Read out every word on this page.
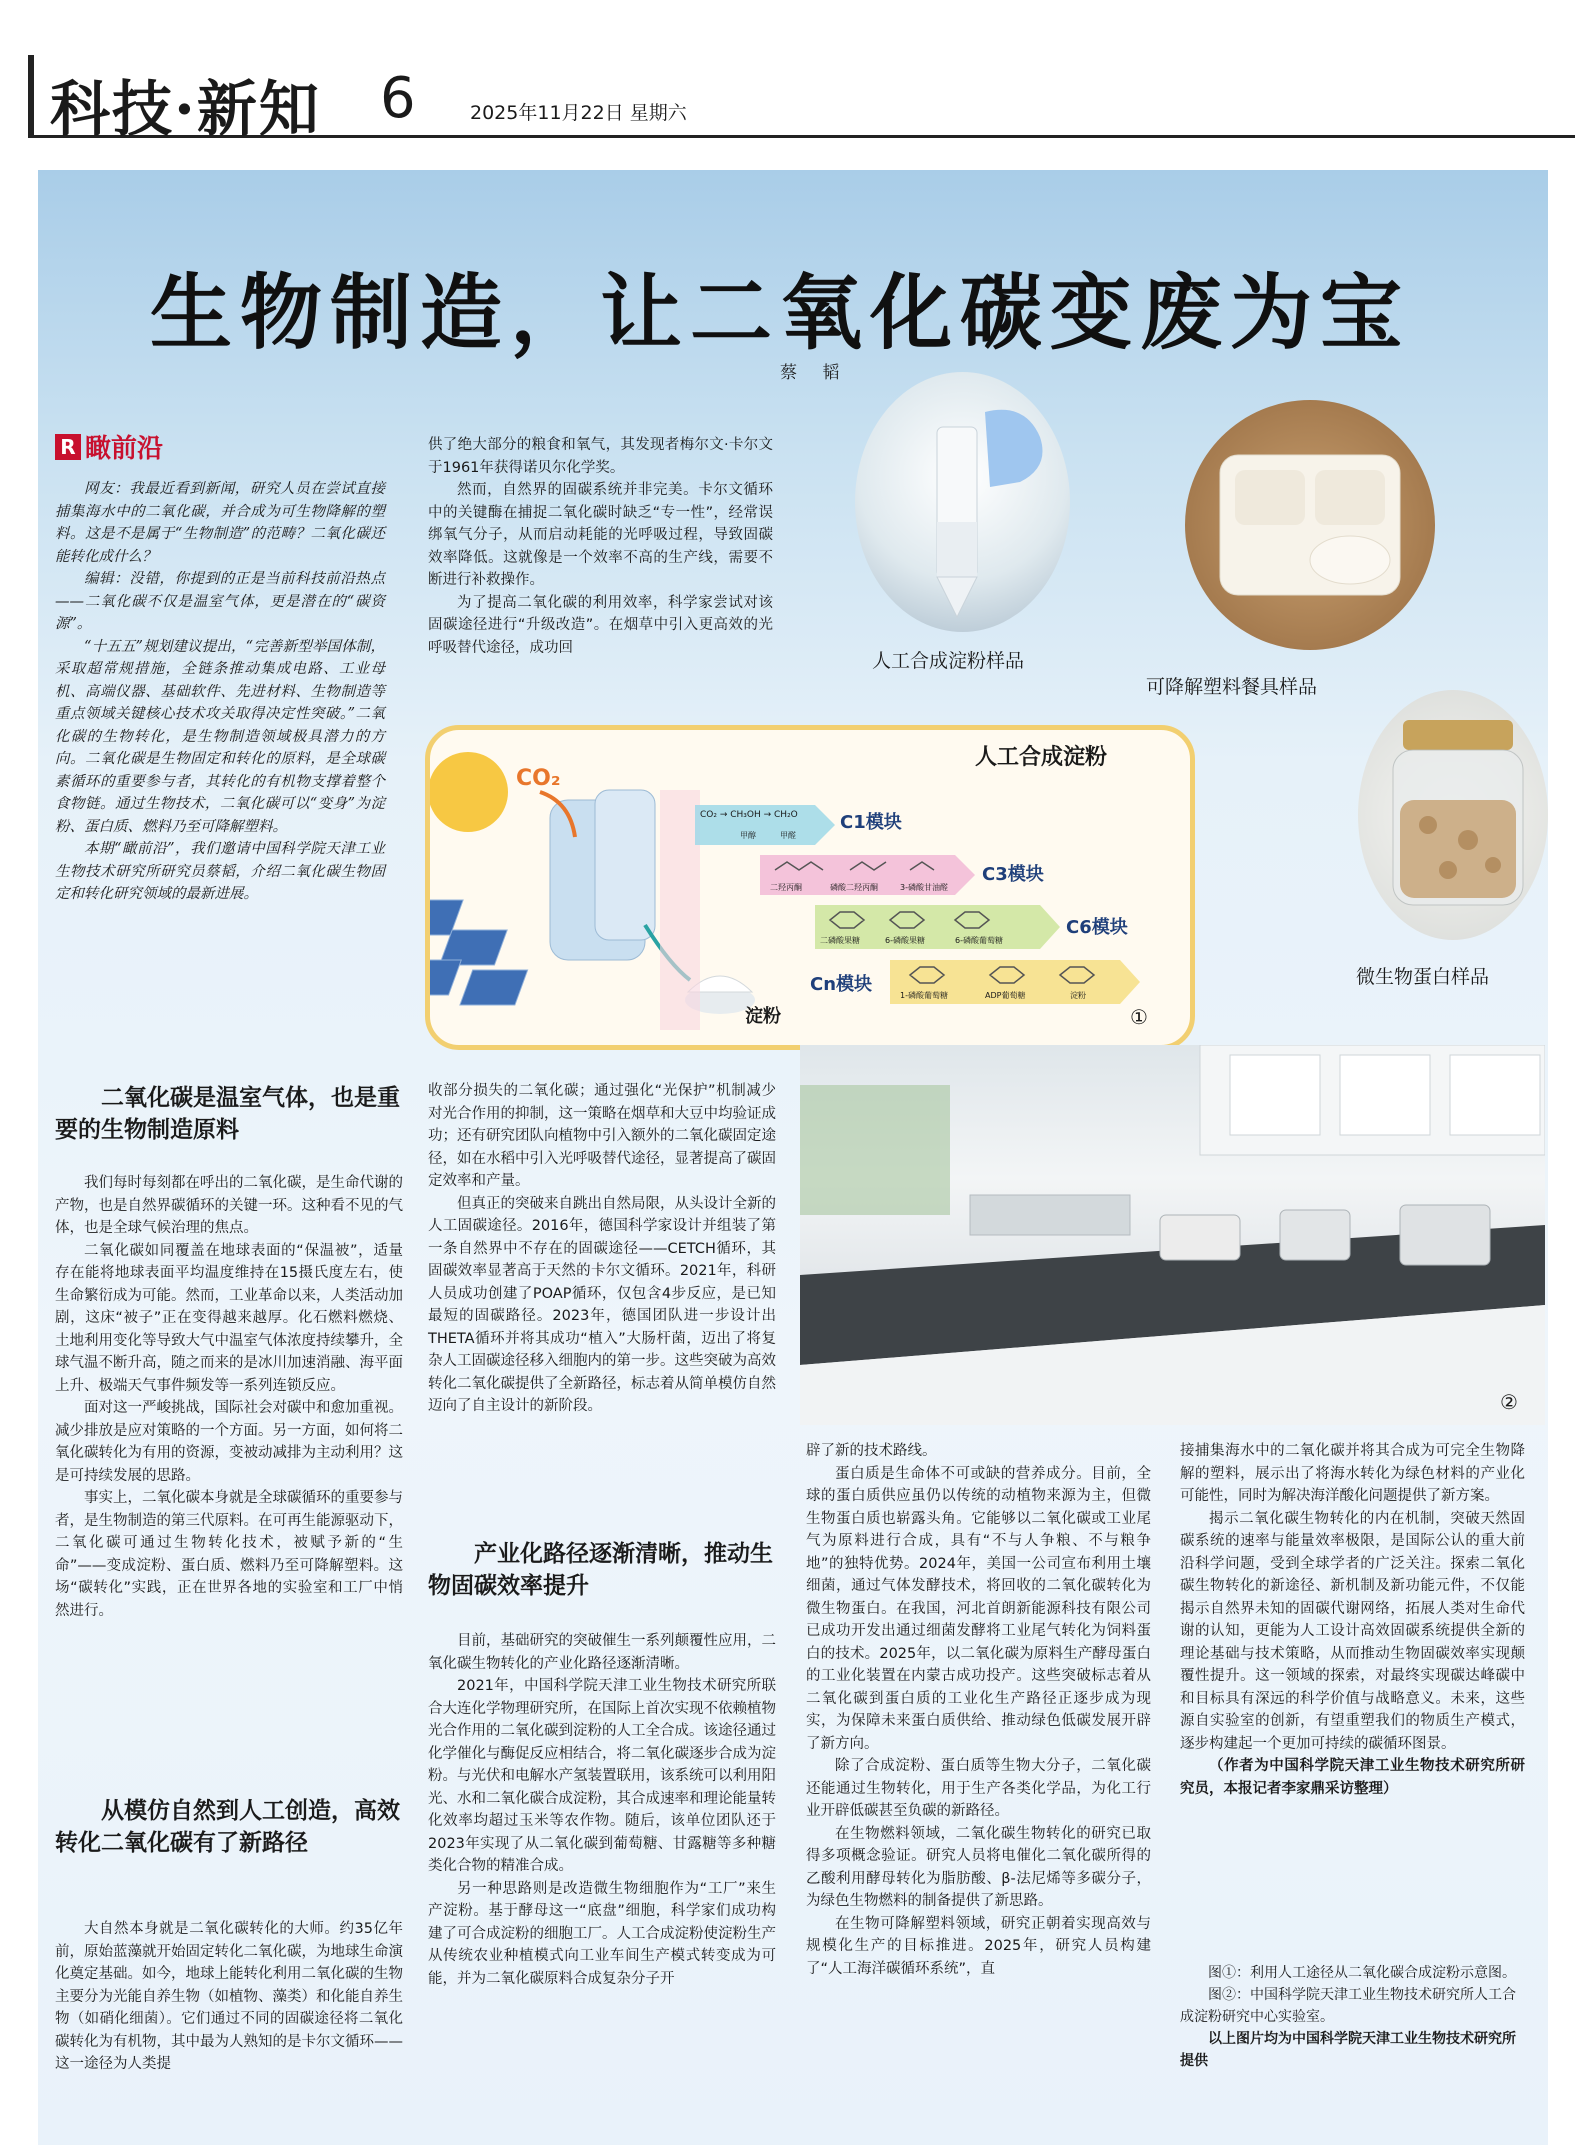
科技·新知 6	2025年11月22日 星期六
生物制造，让二氧化碳变废为宝
蔡 韬
R 瞰前沿

网友：我最近看到新闻，研究人员在尝试直接捕集海水中的二氧化碳，并合成为可生物降解的塑料。这是不是属于“生物制造”的范畴？二氧化碳还能转化成什么？

编辑：没错，你提到的正是当前科技前沿热点——二氧化碳不仅是温室气体，更是潜在的“碳资源”。

“十五五”规划建议提出，“完善新型举国体制，采取超常规措施，全链条推动集成电路、工业母机、高端仪器、基础软件、先进材料、生物制造等重点领域关键核心技术攻关取得决定性突破。”二氧化碳的生物转化，是生物制造领域极具潜力的方向。二氧化碳是生物固定和转化的原料，是全球碳素循环的重要参与者，其转化的有机物支撑着整个食物链。通过生物技术，二氧化碳可以“变身”为淀粉、蛋白质、燃料乃至可降解塑料。

本期“瞰前沿”，我们邀请中国科学院天津工业生物技术研究所研究员蔡韬，介绍二氧化碳生物固定和转化研究领域的最新进展。

供了绝大部分的粮食和氧气，其发现者梅尔文·卡尔文于1961年获得诺贝尔化学奖。

然而，自然界的固碳系统并非完美。卡尔文循环中的关键酶在捕捉二氧化碳时缺乏“专一性”，经常误绑氧气分子，从而启动耗能的光呼吸过程，导致固碳效率降低。这就像是一个效率不高的生产线，需要不断进行补救操作。

为了提高二氧化碳的利用效率，科学家尝试对该固碳途径进行“升级改造”。在烟草中引入更高效的光呼吸替代途径，成功回

人工合成淀粉样品
可降解塑料餐具样品
微生物蛋白样品
人工合成淀粉
CO₂
淀粉	①
C1模块
C3模块
C6模块
Cn模块
CO₂ → CH₃OH → CH₂O
甲醇	甲醛
二羟丙酮	磷酸二羟丙酮	3-磷酸甘油醛
二磷酸果糖	6-磷酸果糖	6-磷酸葡萄糖
1-磷酸葡萄糖	ADP葡萄糖	淀粉
②
二氧化碳是温室气体，也是重要的生物制造原料

我们每时每刻都在呼出的二氧化碳，是生命代谢的产物，也是自然界碳循环的关键一环。这种看不见的气体，也是全球气候治理的焦点。

二氧化碳如同覆盖在地球表面的“保温被”，适量存在能将地球表面平均温度维持在15摄氏度左右，使生命繁衍成为可能。然而，工业革命以来，人类活动加剧，这床“被子”正在变得越来越厚。化石燃料燃烧、土地利用变化等导致大气中温室气体浓度持续攀升，全球气温不断升高，随之而来的是冰川加速消融、海平面上升、极端天气事件频发等一系列连锁反应。

面对这一严峻挑战，国际社会对碳中和愈加重视。减少排放是应对策略的一个方面。另一方面，如何将二氧化碳转化为有用的资源，变被动减排为主动利用？这是可持续发展的思路。

事实上，二氧化碳本身就是全球碳循环的重要参与者，是生物制造的第三代原料。在可再生能源驱动下，二氧化碳可通过生物转化技术，被赋予新的“生命”——变成淀粉、蛋白质、燃料乃至可降解塑料。这场“碳转化”实践，正在世界各地的实验室和工厂中悄然进行。

从模仿自然到人工创造，高效转化二氧化碳有了新路径

大自然本身就是二氧化碳转化的大师。约35亿年前，原始蓝藻就开始固定转化二氧化碳，为地球生命演化奠定基础。如今，地球上能转化利用二氧化碳的生物主要分为光能自养生物（如植物、藻类）和化能自养生物（如硝化细菌）。它们通过不同的固碳途径将二氧化碳转化为有机物，其中最为人熟知的是卡尔文循环——这一途径为人类提

收部分损失的二氧化碳；通过强化“光保护”机制减少对光合作用的抑制，这一策略在烟草和大豆中均验证成功；还有研究团队向植物中引入额外的二氧化碳固定途径，如在水稻中引入光呼吸替代途径，显著提高了碳固定效率和产量。

但真正的突破来自跳出自然局限，从头设计全新的人工固碳途径。2016年，德国科学家设计并组装了第一条自然界中不存在的固碳途径——CETCH循环，其固碳效率显著高于天然的卡尔文循环。2021年，科研人员成功创建了POAP循环，仅包含4步反应，是已知最短的固碳路径。2023年，德国团队进一步设计出THETA循环并将其成功“植入”大肠杆菌，迈出了将复杂人工固碳途径移入细胞内的第一步。这些突破为高效转化二氧化碳提供了全新路径，标志着从简单模仿自然迈向了自主设计的新阶段。

产业化路径逐渐清晰，推动生物固碳效率提升

目前，基础研究的突破催生一系列颠覆性应用，二氧化碳生物转化的产业化路径逐渐清晰。

2021年，中国科学院天津工业生物技术研究所联合大连化学物理研究所，在国际上首次实现不依赖植物光合作用的二氧化碳到淀粉的人工全合成。该途径通过化学催化与酶促反应相结合，将二氧化碳逐步合成为淀粉。与光伏和电解水产氢装置联用，该系统可以利用阳光、水和二氧化碳合成淀粉，其合成速率和理论能量转化效率均超过玉米等农作物。随后，该单位团队还于2023年实现了从二氧化碳到葡萄糖、甘露糖等多种糖类化合物的精准合成。

另一种思路则是改造微生物细胞作为“工厂”来生产淀粉。基于酵母这一“底盘”细胞，科学家们成功构建了可合成淀粉的细胞工厂。人工合成淀粉使淀粉生产从传统农业种植模式向工业车间生产模式转变成为可能，并为二氧化碳原料合成复杂分子开

辟了新的技术路线。

蛋白质是生命体不可或缺的营养成分。目前，全球的蛋白质供应虽仍以传统的动植物来源为主，但微生物蛋白质也崭露头角。它能够以二氧化碳或工业尾气为原料进行合成，具有“不与人争粮、不与粮争地”的独特优势。2024年，美国一公司宣布利用土壤细菌，通过气体发酵技术，将回收的二氧化碳转化为微生物蛋白。在我国，河北首朗新能源科技有限公司已成功开发出通过细菌发酵将工业尾气转化为饲料蛋白的技术。2025年，以二氧化碳为原料生产酵母蛋白的工业化装置在内蒙古成功投产。这些突破标志着从二氧化碳到蛋白质的工业化生产路径正逐步成为现实，为保障未来蛋白质供给、推动绿色低碳发展开辟了新方向。

除了合成淀粉、蛋白质等生物大分子，二氧化碳还能通过生物转化，用于生产各类化学品，为化工行业开辟低碳甚至负碳的新路径。

在生物燃料领域，二氧化碳生物转化的研究已取得多项概念验证。研究人员将电催化二氧化碳所得的乙酸利用酵母转化为脂肪酸、β-法尼烯等多碳分子，为绿色生物燃料的制备提供了新思路。

在生物可降解塑料领域，研究正朝着实现高效与规模化生产的目标推进。2025年，研究人员构建了“人工海洋碳循环系统”，直

接捕集海水中的二氧化碳并将其合成为可完全生物降解的塑料，展示出了将海水转化为绿色材料的产业化可能性，同时为解决海洋酸化问题提供了新方案。

揭示二氧化碳生物转化的内在机制，突破天然固碳系统的速率与能量效率极限，是国际公认的重大前沿科学问题，受到全球学者的广泛关注。探索二氧化碳生物转化的新途径、新机制及新功能元件，不仅能揭示自然界未知的固碳代谢网络，拓展人类对生命代谢的认知，更能为人工设计高效固碳系统提供全新的理论基础与技术策略，从而推动生物固碳效率实现颠覆性提升。这一领域的探索，对最终实现碳达峰碳中和目标具有深远的科学价值与战略意义。未来，这些源自实验室的创新，有望重塑我们的物质生产模式，逐步构建起一个更加可持续的碳循环图景。

（作者为中国科学院天津工业生物技术研究所研究员，本报记者李家鼎采访整理）

图①：利用人工途径从二氧化碳合成淀粉示意图。

图②：中国科学院天津工业生物技术研究所人工合成淀粉研究中心实验室。

以上图片均为中国科学院天津工业生物技术研究所提供
